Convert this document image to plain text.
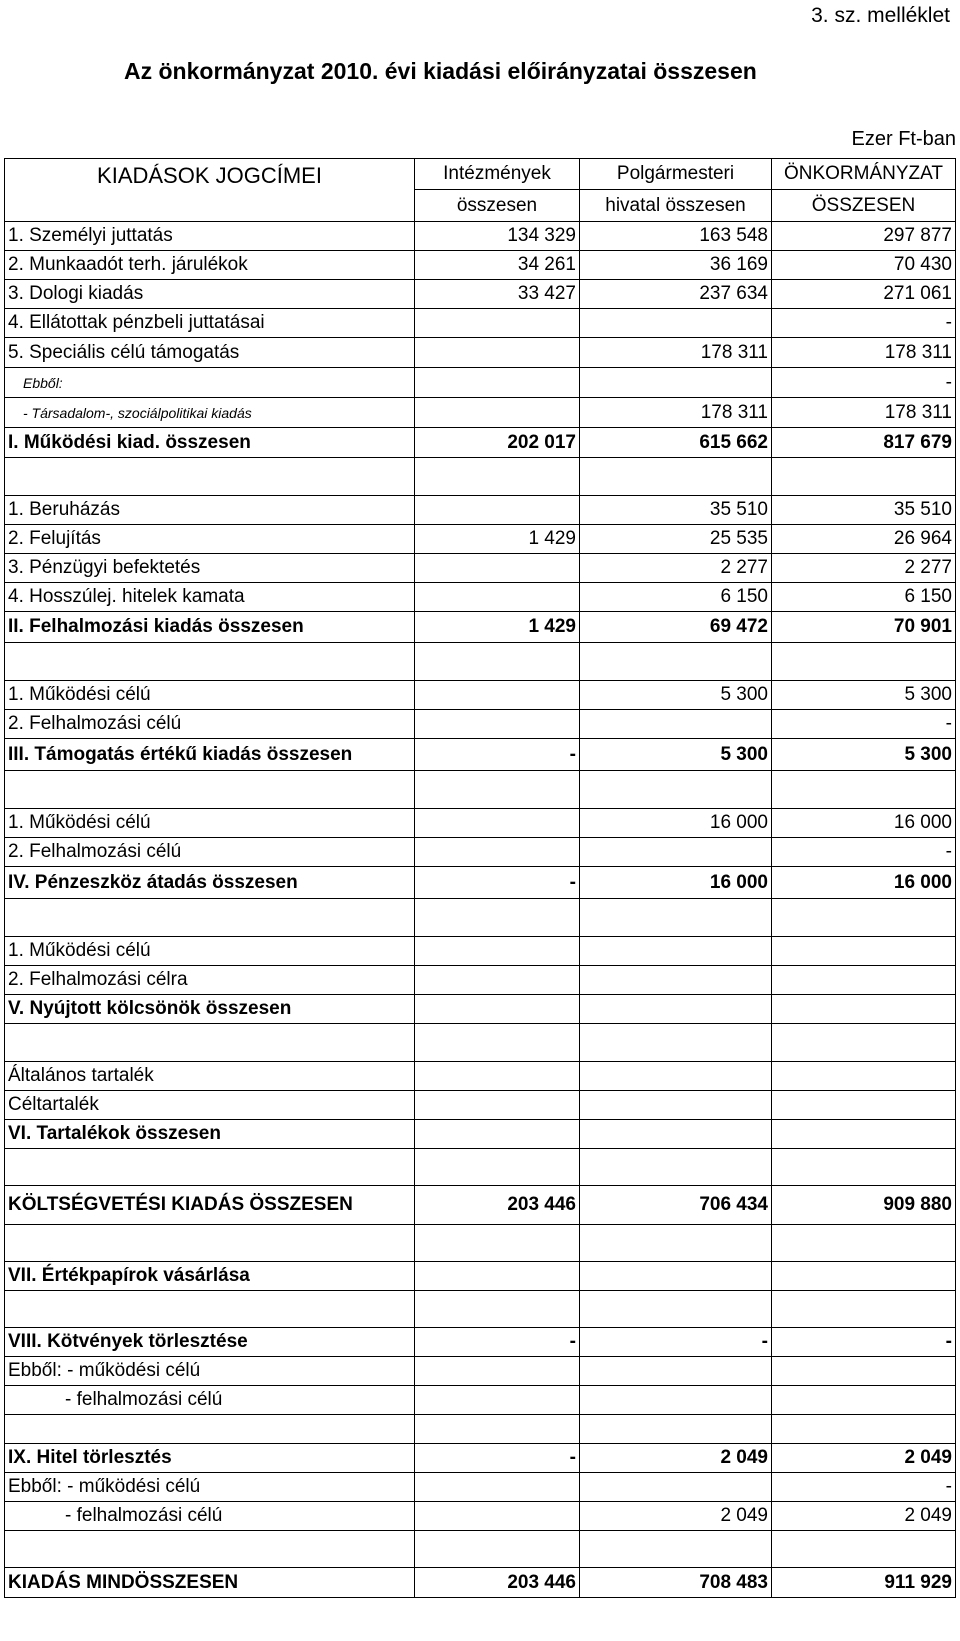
3. sz. melléklet
Az önkormányzat 2010. évi kiadási előirányzatai összesen
Ezer Ft-ban
KIADÁSOK JOGCÍMEI	Intézmények	Polgármesteri	ÖNKORMÁNYZAT
	összesen	hivatal összesen	ÖSSZESEN
1. Személyi juttatás	134 329	163 548	297 877
2. Munkaadót terh. járulékok	34 261	36 169	70 430
3. Dologi kiadás	33 427	237 634	271 061
4. Ellátottak pénzbeli juttatásai			-
5. Speciális célú támogatás		178 311	178 311
Ebből:			-
- Társadalom-, szociálpolitikai kiadás		178 311	178 311
I. Működési kiad. összesen	202 017	615 662	817 679

1. Beruházás		35 510	35 510
2. Felujítás	1 429	25 535	26 964
3. Pénzügyi befektetés		2 277	2 277
4. Hosszúlej. hitelek kamata		6 150	6 150
II. Felhalmozási kiadás összesen	1 429	69 472	70 901

1. Működési célú		5 300	5 300
2. Felhalmozási célú			-
III. Támogatás értékű kiadás összesen	-	5 300	5 300

1. Működési célú		16 000	16 000
2. Felhalmozási célú			-
IV. Pénzeszköz átadás összesen	-	16 000	16 000

1. Működési célú			
2. Felhalmozási célra			
V. Nyújtott kölcsönök összesen			

Általános tartalék			
Céltartalék			
VI. Tartalékok összesen			

KÖLTSÉGVETÉSI KIADÁS ÖSSZESEN	203 446	706 434	909 880

VII. Értékpapírok vásárlása			

VIII. Kötvények törlesztése	-	-	-
Ebből: - működési célú			
- felhalmozási célú			

IX. Hitel törlesztés	-	2 049	2 049
Ebből: - működési célú			-
- felhalmozási célú		2 049	2 049

KIADÁS MINDÖSSZESEN	203 446	708 483	911 929
